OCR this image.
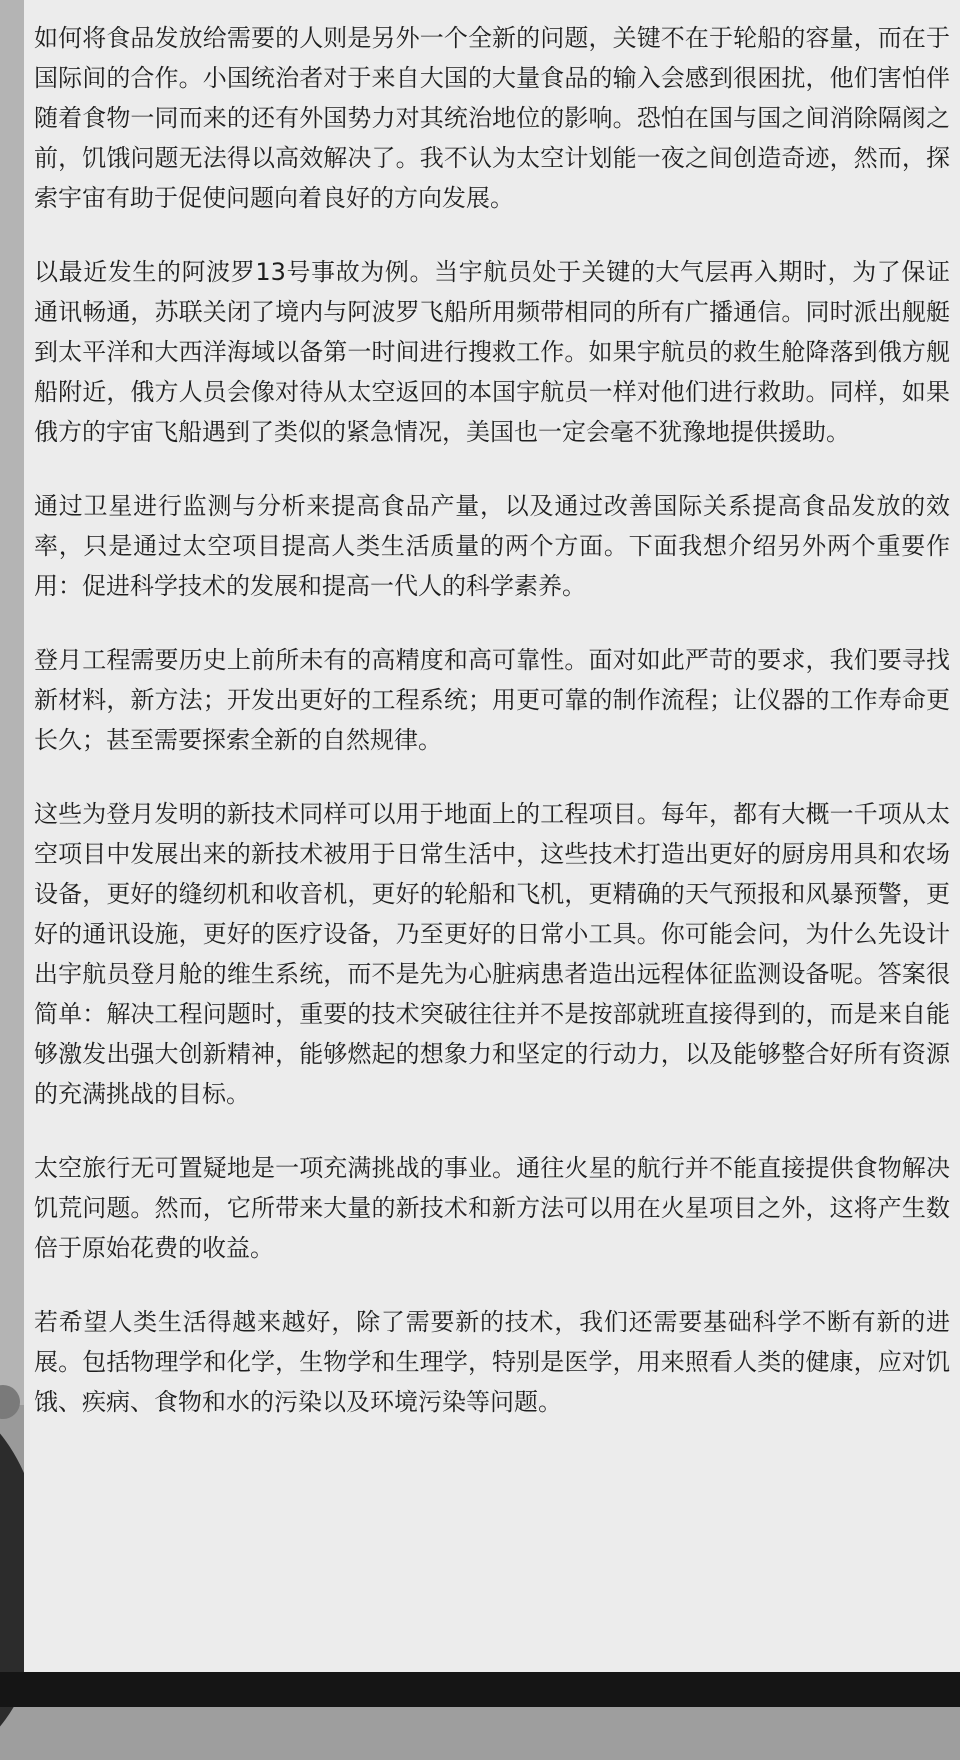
如何将食品发放给需要的人则是另外一个全新的问题，关键不在于轮船的容量，而在于国际间的合作。小国统治者对于来自大国的大量食品的输入会感到很困扰，他们害怕伴随着食物一同而来的还有外国势力对其统治地位的影响。恐怕在国与国之间消除隔阂之前，饥饿问题无法得以高效解决了。我不认为太空计划能一夜之间创造奇迹，然而，探索宇宙有助于促使问题向着良好的方向发展。

以最近发生的阿波罗13号事故为例。当宇航员处于关键的大气层再入期时，为了保证通讯畅通，苏联关闭了境内与阿波罗飞船所用频带相同的所有广播通信。同时派出舰艇到太平洋和大西洋海域以备第一时间进行搜救工作。如果宇航员的救生舱降落到俄方舰船附近，俄方人员会像对待从太空返回的本国宇航员一样对他们进行救助。同样，如果俄方的宇宙飞船遇到了类似的紧急情况，美国也一定会毫不犹豫地提供援助。

通过卫星进行监测与分析来提高食品产量，以及通过改善国际关系提高食品发放的效率，只是通过太空项目提高人类生活质量的两个方面。下面我想介绍另外两个重要作用：促进科学技术的发展和提高一代人的科学素养。

登月工程需要历史上前所未有的高精度和高可靠性。面对如此严苛的要求，我们要寻找新材料，新方法；开发出更好的工程系统；用更可靠的制作流程；让仪器的工作寿命更长久；甚至需要探索全新的自然规律。

这些为登月发明的新技术同样可以用于地面上的工程项目。每年，都有大概一千项从太空项目中发展出来的新技术被用于日常生活中，这些技术打造出更好的厨房用具和农场设备，更好的缝纫机和收音机，更好的轮船和飞机，更精确的天气预报和风暴预警，更好的通讯设施，更好的医疗设备，乃至更好的日常小工具。你可能会问，为什么先设计出宇航员登月舱的维生系统，而不是先为心脏病患者造出远程体征监测设备呢。答案很简单：解决工程问题时，重要的技术突破往往并不是按部就班直接得到的，而是来自能够激发出强大创新精神，能够燃起的想象力和坚定的行动力，以及能够整合好所有资源的充满挑战的目标。

太空旅行无可置疑地是一项充满挑战的事业。通往火星的航行并不能直接提供食物解决饥荒问题。然而，它所带来大量的新技术和新方法可以用在火星项目之外，这将产生数倍于原始花费的收益。

若希望人类生活得越来越好，除了需要新的技术，我们还需要基础科学不断有新的进展。包括物理学和化学，生物学和生理学，特别是医学，用来照看人类的健康，应对饥饿、疾病、食物和水的污染以及环境污染等问题。
